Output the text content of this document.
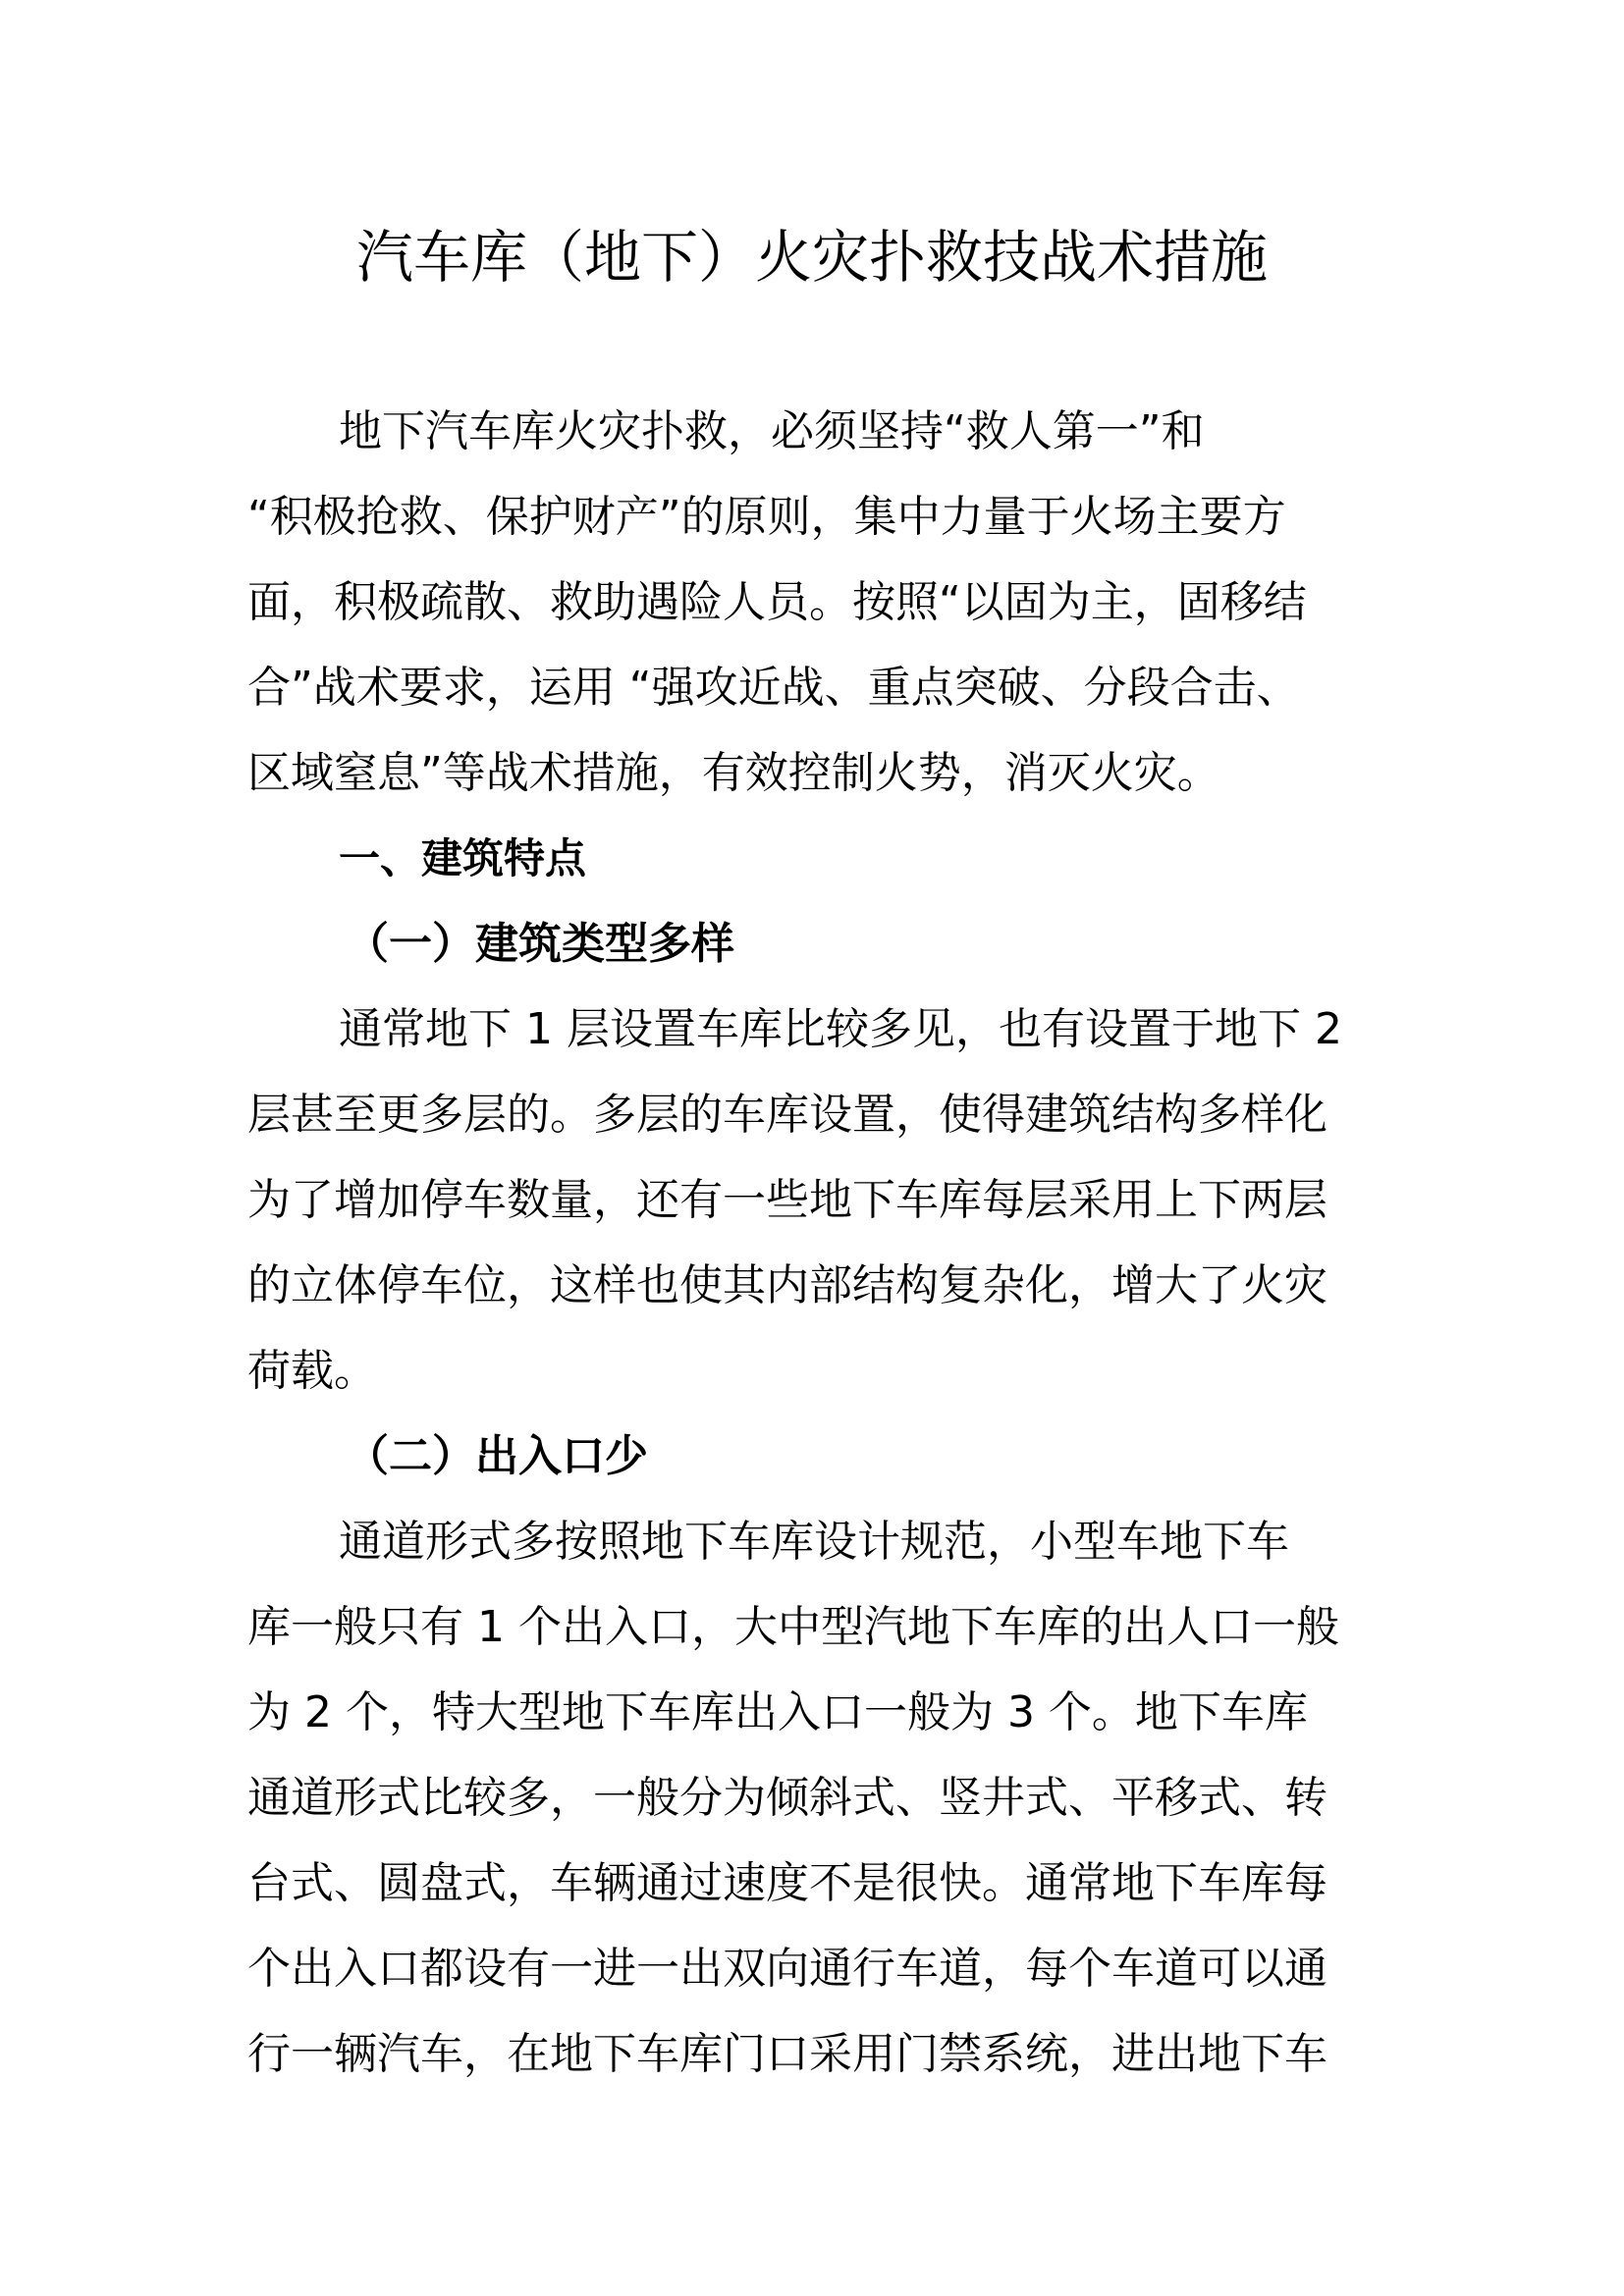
汽车库（地下）火灾扑救技战术措施

地下汽车库火灾扑救，必须坚持“救人第一”和

“积极抢救、保护财产”的原则，集中力量于火场主要方

面，积极疏散、救助遇险人员。按照“以固为主，固移结

合”战术要求，运用 “强攻近战、重点突破、分段合击、

区域窒息”等战术措施，有效控制火势，消灭火灾。

一、建筑特点

（一）建筑类型多样

通常地下 1 层设置车库比较多见，也有设置于地下 2

层甚至更多层的。多层的车库设置，使得建筑结构多样化

为了增加停车数量，还有一些地下车库每层采用上下两层

的立体停车位，这样也使其内部结构复杂化，增大了火灾

荷载。

（二）出入口少

通道形式多按照地下车库设计规范，小型车地下车

库一般只有 1 个出入口，大中型汽地下车库的出人口一般

为 2 个，特大型地下车库出入口一般为 3 个。地下车库

通道形式比较多，一般分为倾斜式、竖井式、平移式、转

台式、圆盘式，车辆通过速度不是很快。通常地下车库每

个出入口都设有一进一出双向通行车道，每个车道可以通

行一辆汽车，在地下车库门口采用门禁系统，进出地下车
